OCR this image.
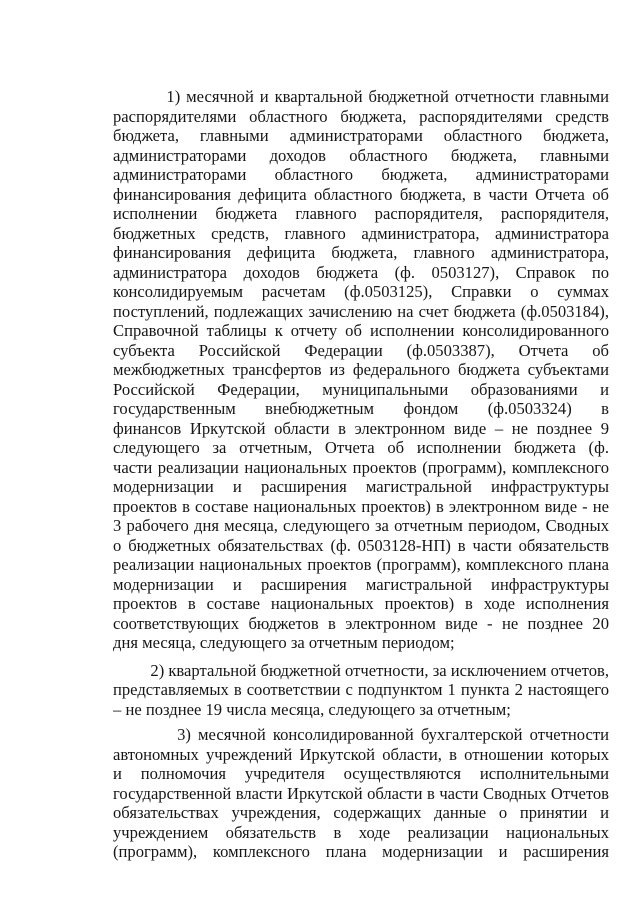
1) месячной и квартальной бюджетной отчетности главными
распорядителями областного бюджета, распорядителями средств
бюджета, главными администраторами областного бюджета,
администраторами доходов областного бюджета, главными
администраторами областного бюджета, администраторами
финансирования дефицита областного бюджета, в части Отчета об
исполнении бюджета главного распорядителя, распорядителя,
бюджетных средств, главного администратора, администратора
финансирования дефицита бюджета, главного администратора,
администратора доходов бюджета (ф. 0503127), Справок по
консолидируемым расчетам (ф.0503125), Справки о суммах
поступлений, подлежащих зачислению на счет бюджета (ф.0503184),
Справочной таблицы к отчету об исполнении консолидированного
субъекта Российской Федерации (ф.0503387), Отчета об
межбюджетных трансфертов из федерального бюджета субъектами
Российской Федерации, муниципальными образованиями и
государственным внебюджетным фондом (ф.0503324) в
финансов Иркутской области в электронном виде – не позднее 9
следующего за отчетным, Отчета об исполнении бюджета (ф.
части реализации национальных проектов (программ), комплексного
модернизации и расширения магистральной инфраструктуры
проектов в составе национальных проектов) в электронном виде - не
3 рабочего дня месяца, следующего за отчетным периодом, Сводных
о бюджетных обязательствах (ф. 0503128-НП) в части обязательств
реализации национальных проектов (программ), комплексного плана
модернизации и расширения магистральной инфраструктуры
проектов в составе национальных проектов) в ходе исполнения
соответствующих бюджетов в электронном виде - не позднее 20
дня месяца, следующего за отчетным периодом;
2) квартальной бюджетной отчетности, за исключением отчетов,
представляемых в соответствии с подпунктом 1 пункта 2 настоящего
– не позднее 19 числа месяца, следующего за отчетным;
3) месячной консолидированной бухгалтерской отчетности
автономных учреждений Иркутской области, в отношении которых
и полномочия учредителя осуществляются исполнительными
государственной власти Иркутской области в части Сводных Отчетов
обязательствах учреждения, содержащих данные о принятии и
учреждением обязательств в ходе реализации национальных
(программ), комплексного плана модернизации и расширения
